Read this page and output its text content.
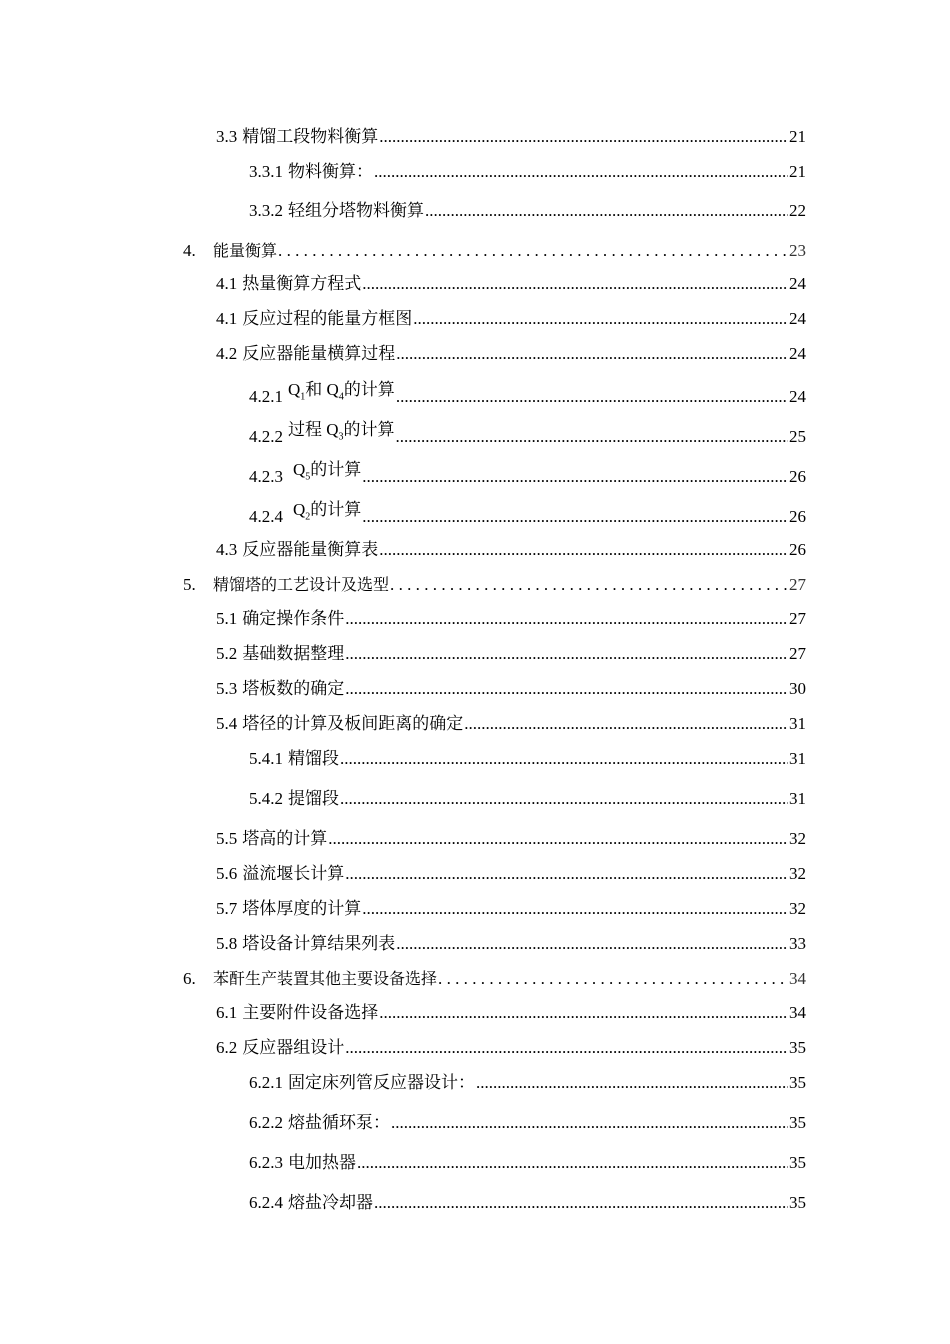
3.3 精馏工段物料衡算 .....	21
3.3.1 物料衡算： .....	21
3.3.2 轻组分塔物料衡算 .....	22
4.	能量衡算 .....	23
4.1 热量衡算方程式 .....	24
4.1 反应过程的能量方框图 .....	24
4.2 反应器能量横算过程 .....	24
4.2.1 $Q_1$和 $Q_4$的计算 .....	24
4.2.2 过程 $Q_3$的计算 .....	25
4.2.3 $Q_5$的计算 .....	26
4.2.4 $Q_2$的计算 .....	26
4.3 反应器能量衡算表 .....	26
5.	精馏塔的工艺设计及选型 .....	27
5.1 确定操作条件 .....	27
5.2 基础数据整理 .....	27
5.3 塔板数的确定 .....	30
5.4 塔径的计算及板间距离的确定 .....	31
5.4.1 精馏段 .....	31
5.4.2 提馏段 .....	31
5.5 塔高的计算 .....	32
5.6 溢流堰长计算 .....	32
5.7 塔体厚度的计算 .....	32
5.8 塔设备计算结果列表 .....	33
6.	苯酐生产装置其他主要设备选择 .....	34
6.1 主要附件设备选择 .....	34
6.2 反应器组设计 .....	35
6.2.1 固定床列管反应器设计： .....	35
6.2.2 熔盐循环泵： .....	35
6.2.3 电加热器 .....	35
6.2.4 熔盐冷却器 .....	35
